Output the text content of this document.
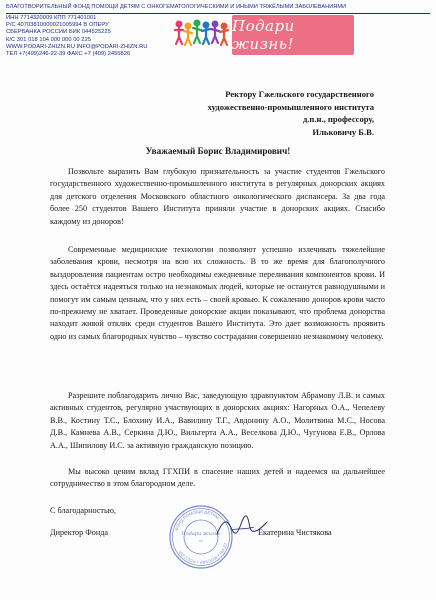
БЛАГОТВОРИТЕЛЬНЫЙ ФОНД ПОМОЩИ ДЕТЯМ С ОНКОГЕМАТОЛОГИЧЕСКИМИ И ИНЫМИ ТЯЖЁЛЫМИ ЗАБОЛЕВАНИЯМИ
ИНН 7714320009 КПП 771401001
Р/С 40703810000021005994 В ОПЕРУ
СБЕРБАНКА РОССИИ БИК 044525225
К/С 301 018 104 000 000 00 225
WWW.PODARI-ZHIZN.RU INFO@PODARI-ZHIZN.RU
ТЕЛ +7(499)246-22-39 ФАКС +7 (499) 2455826
Подари жизнь!
Ректору Гжельского государственного
художественно-промышленного института
д.п.н., профессору,
Ильковичу Б.В.
Уважаемый Борис Владимирович!
Позвольте выразить Вам глубокую признательность за участие студентов Гжельского государственного художественно-промышленного института в регулярных донорских акциях для детского отделения Московского областного онкологического диспансера. За два года более 250 студентов Вашего Института приняли участие в донорских акциях. Спасибо каждому из доноров!
Современные медицинские технологии позволяют успешно излечивать тяжелейшие заболевания крови, несмотря на всю их сложность. В то же время для благополучного выздоровления пациентам остро необходимы ежедневные переливания компонентов крови. И здесь остаётся надеяться только на незнакомых людей, которые не останутся равнодушными и помогут им самым ценным, что у них есть – своей кровью. К сожалению доноров крови часто по-прежнему не хватает. Проведенные донорские акции показывают, что проблема донорства находит живой отклик среди студентов Вашего Института. Это дает возможность проявить одно из самых благородных чувство – чувство сострадания совершенно незнакомому человеку.
Разрешите поблагодарить лично Вас, заведующую здравпунктом Абрамову Л.В. и самых активных студентов, регулярно участвующих в донорских акциях: Нагорных О.А., Чепелеву В.В., Костину Т.С., Блохину И.А., Вавилину Т.Г., Авдонину А.О., Молитвина М.С., Носова Д.В., Камнева А.В., Серкина Д.Ю., Вильгерта А.А., Веселкова Д.Ю., Чугунова Е.В., Орлова А.А., Шипилову И.С. за активную гражданскую позицию.
Мы высоко ценим вклад ГГХПИ в спасение наших детей и надеемся на дальнейшее сотрудничество в этом благородном деле.
С благодарностью,
Директор Фонда	Екатерина Чистякова
ФОНД ПОМОЩИ ДЕТЯМ
ОГРН • МОСКВА • РОССИЯ
Подари жизнь
•••
